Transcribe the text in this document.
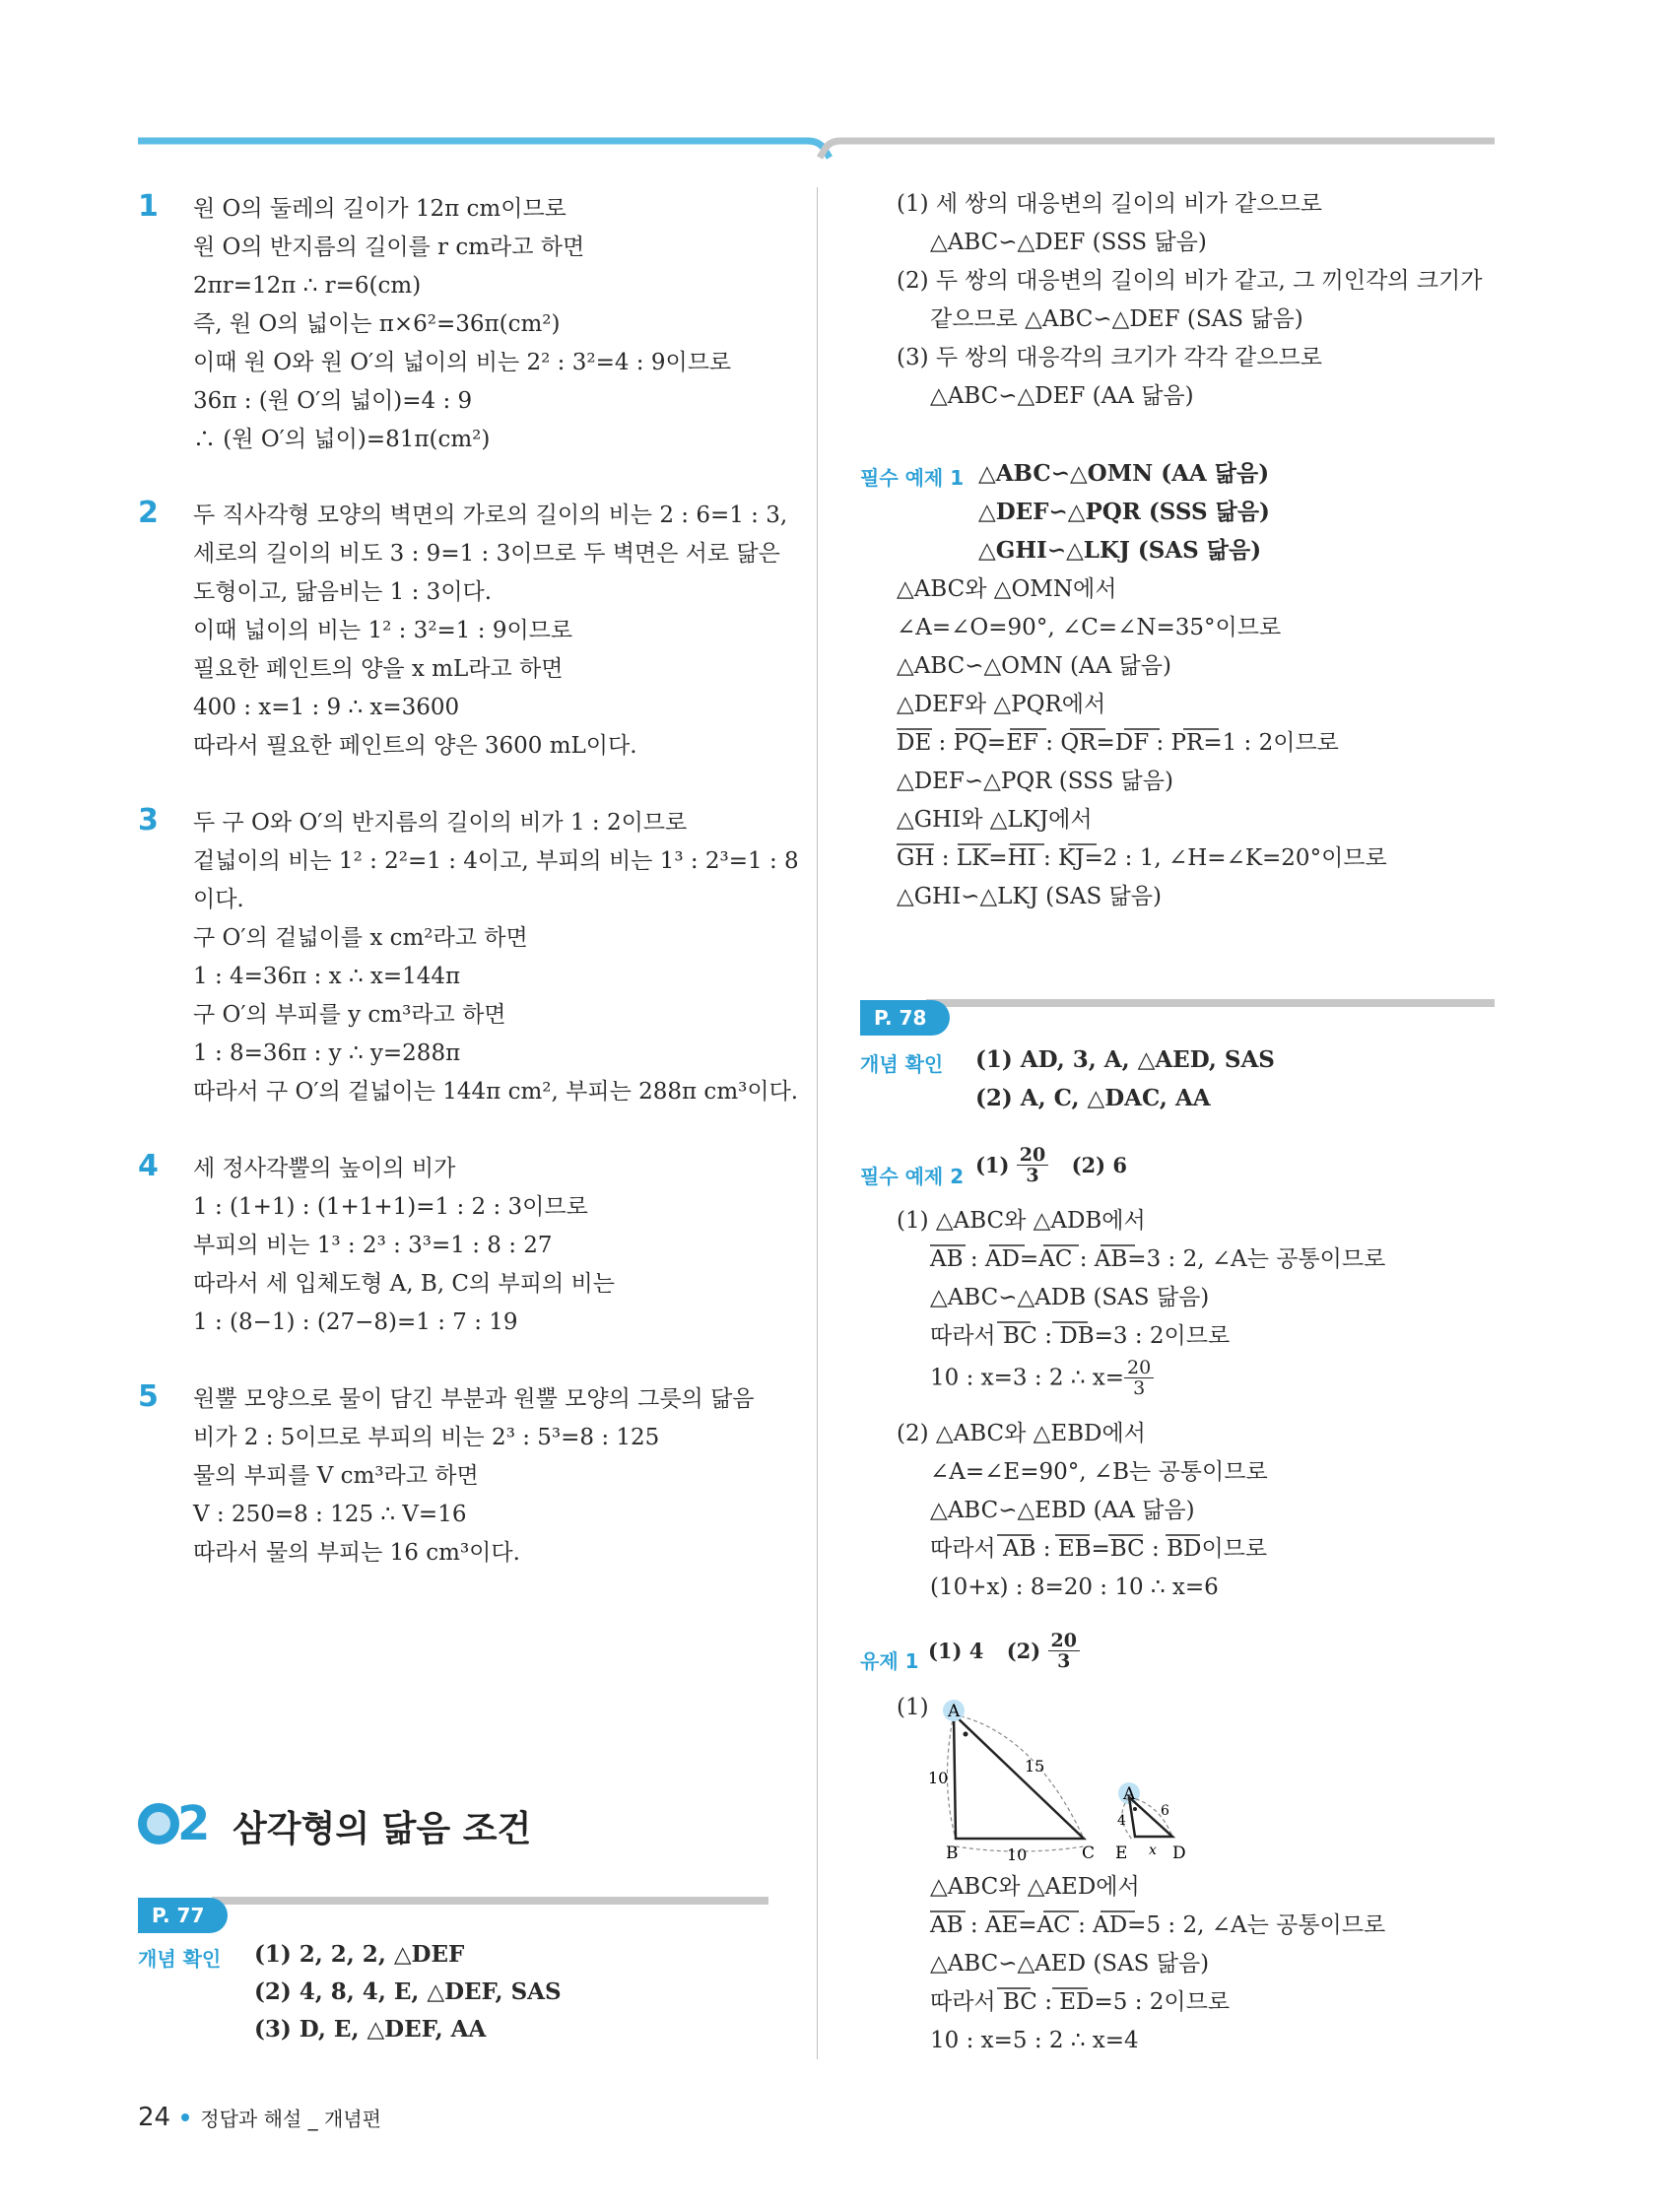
1 원 O의 둘레의 길이가 12π cm이므로
원 O의 반지름의 길이를 r cm라고 하면
2πr=12π ∴ r=6(cm)
즉, 원 O의 넓이는 π×6²=36π(cm²)
이때 원 O와 원 O′의 넓이의 비는 2² : 3²=4 : 9이므로
36π : (원 O′의 넓이)=4 : 9
∴ (원 O′의 넓이)=81π(cm²)
2 두 직사각형 모양의 벽면의 가로의 길이의 비는 2 : 6=1 : 3,
세로의 길이의 비도 3 : 9=1 : 3이므로 두 벽면은 서로 닮은
도형이고, 닮음비는 1 : 3이다.
이때 넓이의 비는 1² : 3²=1 : 9이므로
필요한 페인트의 양을 x mL라고 하면
400 : x=1 : 9 ∴ x=3600
따라서 필요한 페인트의 양은 3600 mL이다.
3 두 구 O와 O′의 반지름의 길이의 비가 1 : 2이므로
겉넓이의 비는 1² : 2²=1 : 4이고, 부피의 비는 1³ : 2³=1 : 8
이다.
구 O′의 겉넓이를 x cm²라고 하면
1 : 4=36π : x ∴ x=144π
구 O′의 부피를 y cm³라고 하면
1 : 8=36π : y ∴ y=288π
따라서 구 O′의 겉넓이는 144π cm², 부피는 288π cm³이다.
4 세 정사각뿔의 높이의 비가
1 : (1+1) : (1+1+1)=1 : 2 : 3이므로
부피의 비는 1³ : 2³ : 3³=1 : 8 : 27
따라서 세 입체도형 A, B, C의 부피의 비는
1 : (8−1) : (27−8)=1 : 7 : 19
5 원뿔 모양으로 물이 담긴 부분과 원뿔 모양의 그릇의 닮음
비가 2 : 5이므로 부피의 비는 2³ : 5³=8 : 125
물의 부피를 V cm³라고 하면
V : 250=8 : 125 ∴ V=16
따라서 물의 부피는 16 cm³이다.
2 삼각형의 닮음 조건
P. 77
개념 확인 (1) 2, 2, 2, △DEF
(2) 4, 8, 4, E, △DEF, SAS
(3) D, E, △DEF, AA
(1) 세 쌍의 대응변의 길이의 비가 같으므로
△ABC∽△DEF (SSS 닮음)
(2) 두 쌍의 대응변의 길이의 비가 같고, 그 끼인각의 크기가
같으므로 △ABC∽△DEF (SAS 닮음)
(3) 두 쌍의 대응각의 크기가 각각 같으므로
△ABC∽△DEF (AA 닮음)
필수 예제 1 △ABC∽△OMN (AA 닮음)
△DEF∽△PQR (SSS 닮음)
△GHI∽△LKJ (SAS 닮음)
△ABC와 △OMN에서
∠A=∠O=90°, ∠C=∠N=35°이므로
△ABC∽△OMN (AA 닮음)
△DEF와 △PQR에서
DE : PQ=EF : QR=DF : PR=1 : 2이므로
△DEF∽△PQR (SSS 닮음)
△GHI와 △LKJ에서
GH : LK=HI : KJ=2 : 1, ∠H=∠K=20°이므로
△GHI∽△LKJ (SAS 닮음)
P. 78
개념 확인 (1) AD, 3, A, △AED, SAS
(2) A, C, △DAC, AA
필수 예제 2 $(1) \frac{20}{3} (2)$ 6
(1) △ABC와 △ADB에서
AB : AD=AC : AB=3 : 2, ∠A는 공통이므로
△ABC∽△ADB (SAS 닮음)
따라서 BC : DB=3 : 2이므로
10 : x=3 : 2 ∴ $x= \frac{20}{3}$
(2) △ABC와 △EBD에서
∠A=∠E=90°, ∠B는 공통이므로
△ABC∽△EBD (AA 닮음)
따라서 AB : EB=BC : BD이므로
(10+x) : 8=20 : 10 ∴ x=6
유제 1 (1) 4 $(2) \frac{20}{3}$
(1) A
B	C
10
15
10
A
E	D
4
6
x
△ABC와 △AED에서
AB : AE=AC : AD=5 : 2, ∠A는 공통이므로
△ABC∽△AED (SAS 닮음)
따라서 BC : ED=5 : 2이므로
10 : x=5 : 2 ∴ x=4
24 정답과 해설 _ 개념편
